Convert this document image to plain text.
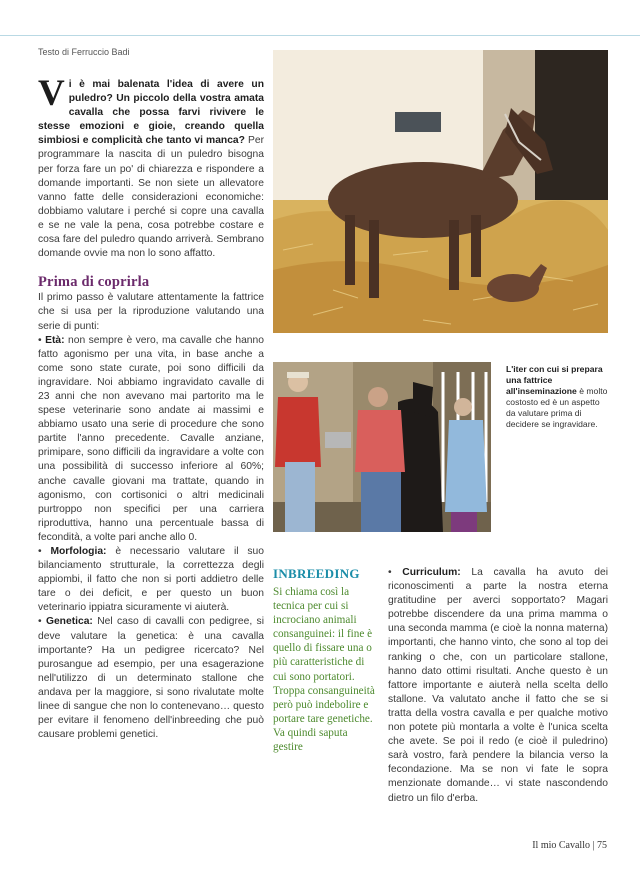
Testo di Ferruccio Badi

Vi è mai balenata l'idea di avere un puledro? Un piccolo della vostra amata cavalla che possa farvi rivivere le stesse emozioni e gioie, creando quella simbiosi e complicità che tanto vi manca? Per programmare la nascita di un puledro bisogna per forza fare un po' di chiarezza e rispondere a domande importanti. Se non siete un allevatore vanno fatte delle considerazioni economiche: dobbiamo valutare i perché si copre una cavalla e se ne vale la pena, cosa potrebbe costare e cosa fare del puledro quando arriverà. Sembrano domande ovvie ma non lo sono affatto.

Prima di coprirla

Il primo passo è valutare attentamente la fattrice che si usa per la riproduzione valutando una serie di punti:

• Età: non sempre è vero, ma cavalle che hanno fatto agonismo per una vita, in base anche a come sono state curate, poi sono difficili da ingravidare. Noi abbiamo ingravidato cavalle di 23 anni che non avevano mai partorito ma le spese veterinarie sono andate ai massimi e abbiamo usato una serie di procedure che sono partite l'anno precedente. Cavalle anziane, primipare, sono difficili da ingravidare a volte con una possibilità di successo inferiore al 60%; anche cavalle giovani ma trattate, quando in agonismo, con cortisonici o altri medicinali purtroppo non specifici per una carriera riproduttiva, hanno una percentuale bassa di fecondità, a volte pari anche allo 0.

• Morfologia: è necessario valutare il suo bilanciamento strutturale, la correttezza degli appiombi, il fatto che non si porti addietro delle tare o dei deficit, e per questo un buon veterinario ippiatra sicuramente vi aiuterà.

• Genetica: Nel caso di cavalli con pedigree, si deve valutare la genetica: è una cavalla importante? Ha un pedigree ricercato? Nel purosangue ad esempio, per una esagerazione nell'utilizzo di un determinato stallone che andava per la maggiore, si sono rivalutate molte linee di sangue che non lo contenevano… questo per evitare il fenomeno dell'inbreeding che può causare problemi genetici.

L'iter con cui si prepara una fattrice all'inseminazione è molto costosto ed è un aspetto da valutare prima di decidere se ingravidare.
INBREEDING

Si chiama così la tecnica per cui si incrociano animali consanguinei: il fine è quello di fissare una o più caratteristiche di cui sono portatori. Troppa consanguineità però può indebolire e portare tare genetiche. Va quindi saputa gestire

• Curriculum: La cavalla ha avuto dei riconoscimenti a parte la nostra eterna gratitudine per averci sopportato? Magari potrebbe discendere da una prima mamma o una seconda mamma (e cioè la nonna materna) importanti, che hanno vinto, che sono al top dei ranking o che, con un particolare stallone, hanno dato ottimi risultati. Anche questo è un fattore importante e aiuterà nella scelta dello stallone. Va valutato anche il fatto che se si tratta della vostra cavalla e per qualche motivo non potete più montarla a volte è l'unica scelta che avete. Se poi il redo (e cioè il puledrino) sarà vostro, farà pendere la bilancia verso la fecondazione. Ma se non vi fate le sopra menzionate domande… vi state nascondendo dietro un filo d'erba.

Il mio Cavallo | 75
